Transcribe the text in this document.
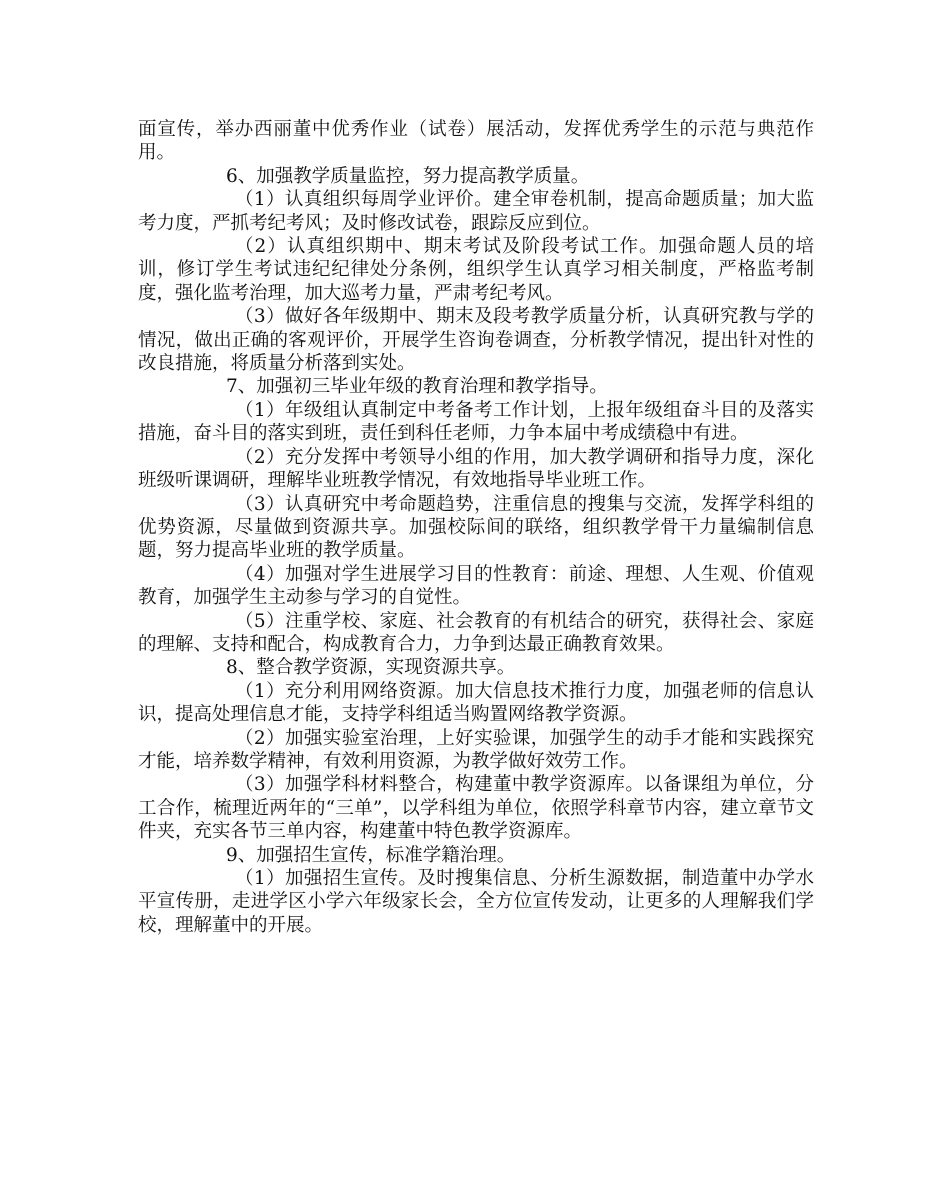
面宣传，举办西丽董中优秀作业（试卷）展活动，发挥优秀学生的示范与典范作用。

6、加强教学质量监控，努力提高教学质量。

（1）认真组织每周学业评价。建全审卷机制，提高命题质量；加大监考力度，严抓考纪考风；及时修改试卷，跟踪反应到位。

（2）认真组织期中、期末考试及阶段考试工作。加强命题人员的培训，修订学生考试违纪纪律处分条例，组织学生认真学习相关制度，严格监考制度，强化监考治理，加大巡考力量，严肃考纪考风。

（3）做好各年级期中、期末及段考教学质量分析，认真研究教与学的情况，做出正确的客观评价，开展学生咨询卷调查，分析教学情况，提出针对性的改良措施，将质量分析落到实处。

7、加强初三毕业年级的教育治理和教学指导。

（1）年级组认真制定中考备考工作计划，上报年级组奋斗目的及落实措施，奋斗目的落实到班，责任到科任老师，力争本届中考成绩稳中有进。

（2）充分发挥中考领导小组的作用，加大教学调研和指导力度，深化班级听课调研，理解毕业班教学情况，有效地指导毕业班工作。

（3）认真研究中考命题趋势，注重信息的搜集与交流，发挥学科组的优势资源，尽量做到资源共享。加强校际间的联络，组织教学骨干力量编制信息题，努力提高毕业班的教学质量。

（4）加强对学生进展学习目的性教育：前途、理想、人生观、价值观教育，加强学生主动参与学习的自觉性。

（5）注重学校、家庭、社会教育的有机结合的研究，获得社会、家庭的理解、支持和配合，构成教育合力，力争到达最正确教育效果。

8、整合教学资源，实现资源共享。

（1）充分利用网络资源。加大信息技术推行力度，加强老师的信息认识，提高处理信息才能，支持学科组适当购置网络教学资源。

（2）加强实验室治理，上好实验课，加强学生的动手才能和实践探究才能，培养数学精神，有效利用资源，为教学做好效劳工作。

（3）加强学科材料整合，构建董中教学资源库。以备课组为单位，分工合作，梳理近两年的“三单”，以学科组为单位，依照学科章节内容，建立章节文件夹，充实各节三单内容，构建董中特色教学资源库。

9、加强招生宣传，标准学籍治理。

（1）加强招生宣传。及时搜集信息、分析生源数据，制造董中办学水平宣传册，走进学区小学六年级家长会，全方位宣传发动，让更多的人理解我们学校，理解董中的开展。
